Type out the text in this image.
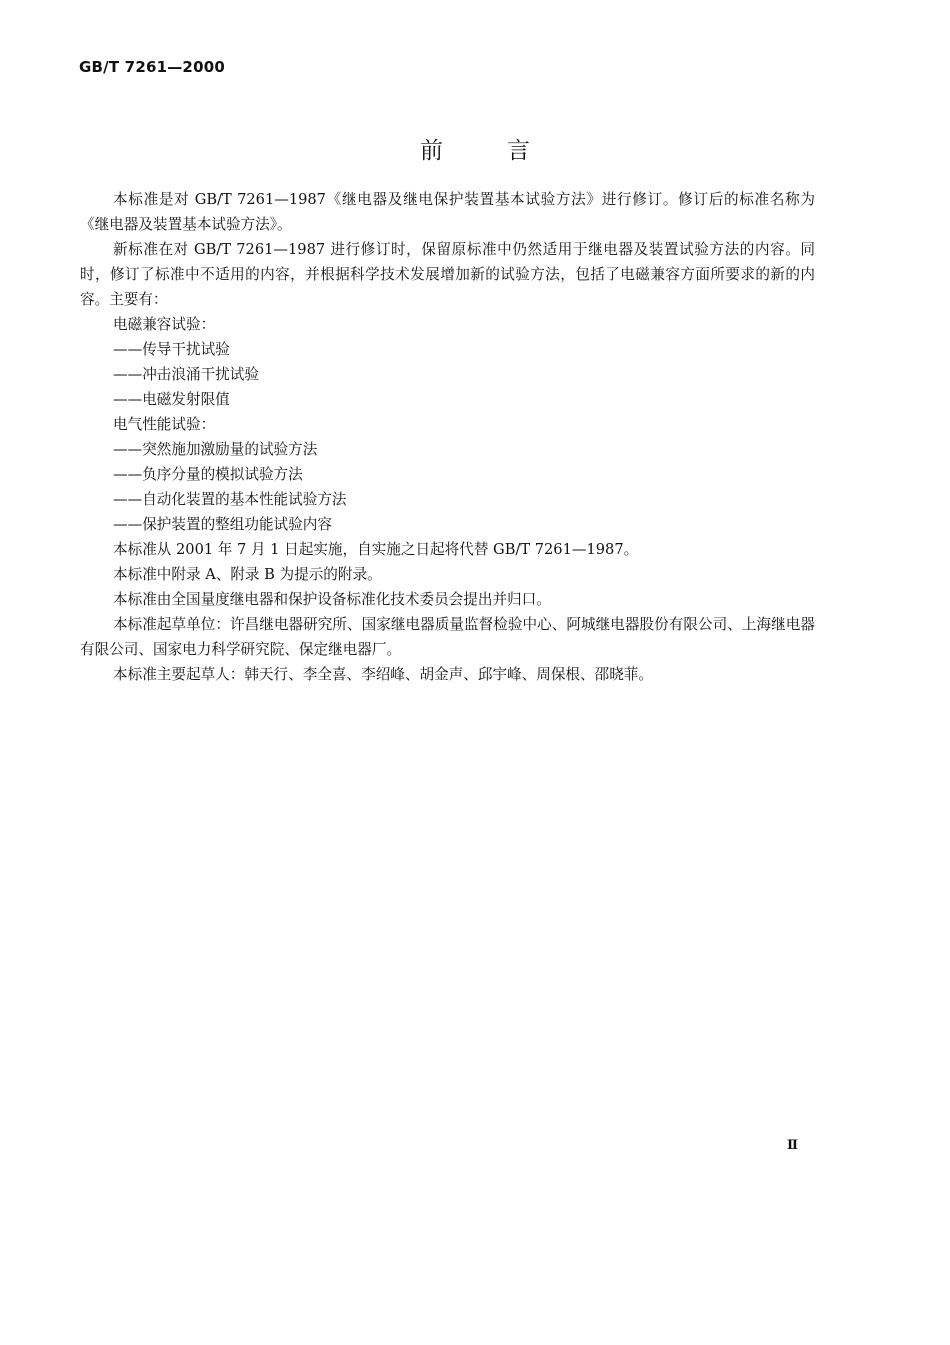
GB/T 7261—2000
前言

本标准是对 GB/T 7261—1987《继电器及继电保护装置基本试验方法》进行修订。修订后的标准名称为《继电器及装置基本试验方法》。

新标准在对 GB/T 7261—1987 进行修订时，保留原标准中仍然适用于继电器及装置试验方法的内容。同时，修订了标准中不适用的内容，并根据科学技术发展增加新的试验方法，包括了电磁兼容方面所要求的新的内容。主要有：

电磁兼容试验：

——传导干扰试验

——冲击浪涌干扰试验

——电磁发射限值

电气性能试验：

——突然施加激励量的试验方法

——负序分量的模拟试验方法

——自动化装置的基本性能试验方法

——保护装置的整组功能试验内容

本标准从 2001 年 7 月 1 日起实施，自实施之日起将代替 GB/T 7261—1987。

本标准中附录 A、附录 B 为提示的附录。

本标准由全国量度继电器和保护设备标准化技术委员会提出并归口。

本标准起草单位：许昌继电器研究所、国家继电器质量监督检验中心、阿城继电器股份有限公司、上海继电器有限公司、国家电力科学研究院、保定继电器厂。

本标准主要起草人：韩天行、李全喜、李绍峰、胡金声、邱宇峰、周保根、邵晓菲。

Ⅱ
